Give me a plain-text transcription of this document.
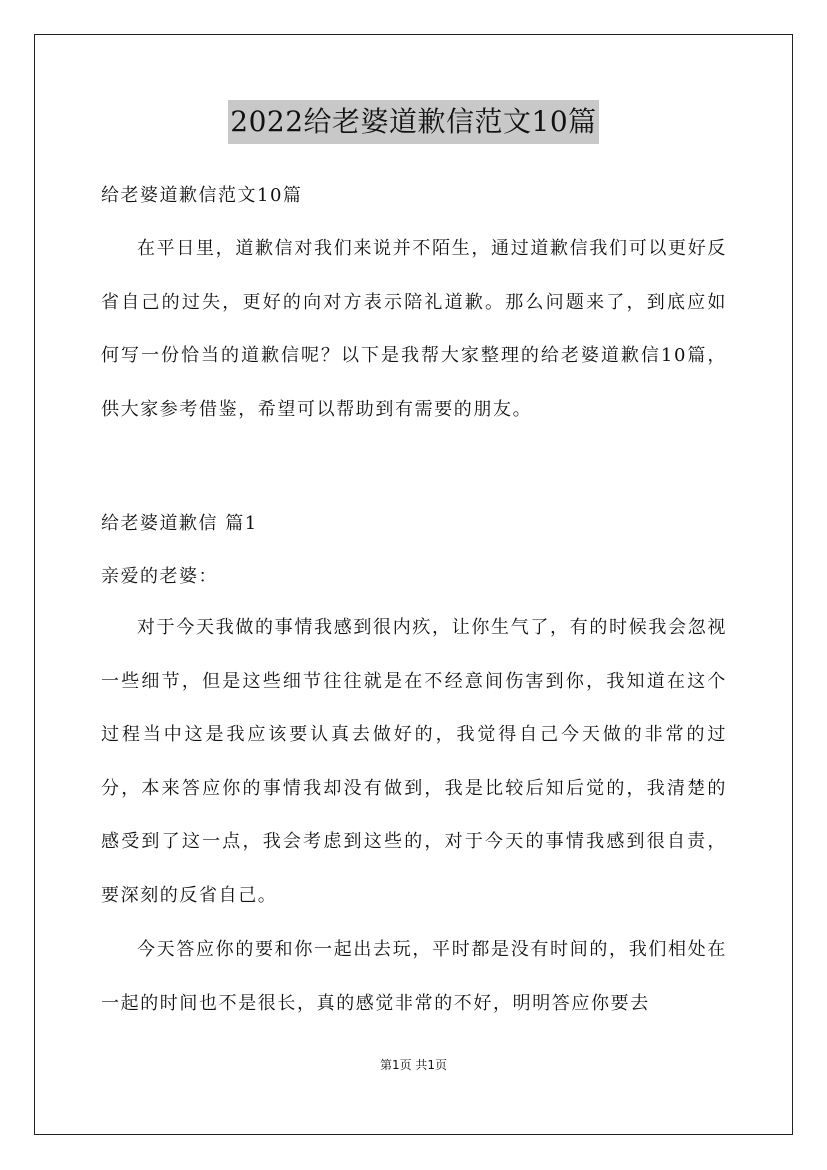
2022给老婆道歉信范文10篇
给老婆道歉信范文10篇

在平日里，道歉信对我们来说并不陌生，通过道歉信我们可以更好反省自己的过失，更好的向对方表示陪礼道歉。那么问题来了，到底应如何写一份恰当的道歉信呢？以下是我帮大家整理的给老婆道歉信10篇，供大家参考借鉴，希望可以帮助到有需要的朋友。

给老婆道歉信 篇1
亲爱的老婆：

对于今天我做的事情我感到很内疚，让你生气了，有的时候我会忽视一些细节，但是这些细节往往就是在不经意间伤害到你，我知道在这个过程当中这是我应该要认真去做好的，我觉得自己今天做的非常的过分，本来答应你的事情我却没有做到，我是比较后知后觉的，我清楚的感受到了这一点，我会考虑到这些的，对于今天的事情我感到很自责，要深刻的反省自己。

今天答应你的要和你一起出去玩，平时都是没有时间的，我们相处在一起的时间也不是很长，真的感觉非常的不好，明明答应你要去

第1页 共1页
